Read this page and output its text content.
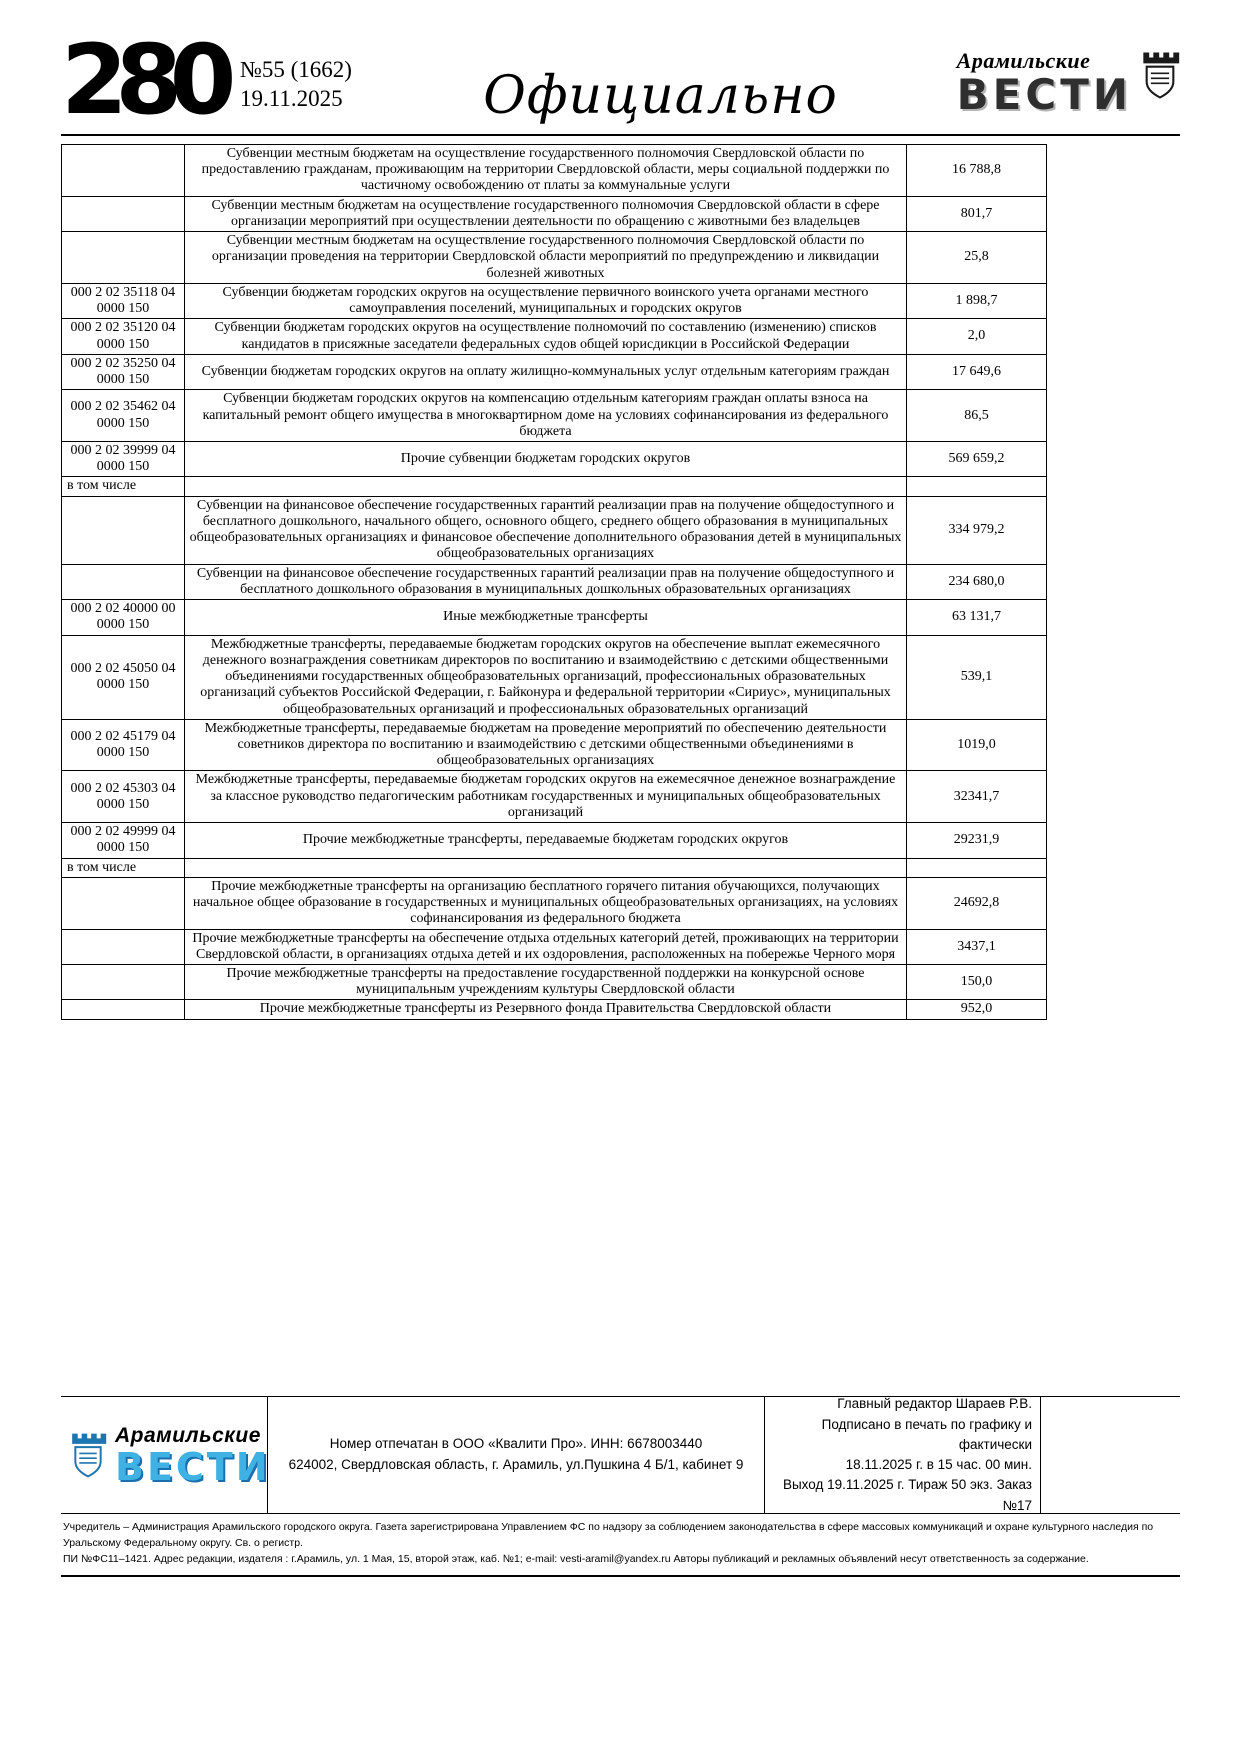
280 №55 (1662)
19.11.2025	Официально
Арамильские
ВЕСТИ
	Субвенции местным бюджетам на осуществление государственного полномочия Свердловской области по предоставлению гражданам, проживающим на территории Свердловской области, меры социальной поддержки по частичному освобождению от платы за коммунальные услуги	16 788,8
	Субвенции местным бюджетам на осуществление государственного полномочия Свердловской области в сфере организации мероприятий при осуществлении деятельности по обращению с животными без владельцев	801,7
	Субвенции местным бюджетам на осуществление государственного полномочия Свердловской области по организации проведения на территории Свердловской области мероприятий по предупреждению и ликвидации болезней животных	25,8
000 2 02 35118 04 0000 150	Субвенции бюджетам городских округов на осуществление первичного воинского учета органами местного самоуправления поселений, муниципальных и городских округов	1 898,7
000 2 02 35120 04 0000 150	Субвенции бюджетам городских округов на осуществление полномочий по составлению (изменению) списков кандидатов в присяжные заседатели федеральных судов общей юрисдикции в Российской Федерации	2,0
000 2 02 35250 04 0000 150	Субвенции бюджетам городских округов на оплату жилищно-коммунальных услуг отдельным категориям граждан	17 649,6
000 2 02 35462 04 0000 150	Субвенции бюджетам городских округов на компенсацию отдельным категориям граждан оплаты взноса на капитальный ремонт общего имущества в многоквартирном доме на условиях софинансирования из федерального бюджета	86,5
000 2 02 39999 04 0000 150	Прочие субвенции бюджетам городских округов	569 659,2
в том числе		
	Субвенции на финансовое обеспечение государственных гарантий реализации прав на получение общедоступного и бесплатного дошкольного, начального общего, основного общего, среднего общего образования в муниципальных общеобразовательных организациях и финансовое обеспечение дополнительного образования детей в муниципальных общеобразовательных организациях	334 979,2
	Субвенции на финансовое обеспечение государственных гарантий реализации прав на получение общедоступного и бесплатного дошкольного образования в муниципальных дошкольных образовательных организациях	234 680,0
000 2 02 40000 00 0000 150	Иные межбюджетные трансферты	63 131,7
000 2 02 45050 04 0000 150	Межбюджетные трансферты, передаваемые бюджетам городских округов на обеспечение выплат ежемесячного денежного вознаграждения советникам директоров по воспитанию и взаимодействию с детскими общественными объединениями государственных общеобразовательных организаций, профессиональных образовательных организаций субъектов Российской Федерации, г. Байконура и федеральной территории «Сириус», муниципальных общеобразовательных организаций и профессиональных образовательных организаций	539,1
000 2 02 45179 04 0000 150	Межбюджетные трансферты, передаваемые бюджетам на проведение мероприятий по обеспечению деятельности советников директора по воспитанию и взаимодействию с детскими общественными объединениями в общеобразовательных организациях	1019,0
000 2 02 45303 04 0000 150	Межбюджетные трансферты, передаваемые бюджетам городских округов на ежемесячное денежное вознаграждение за классное руководство педагогическим работникам государственных и муниципальных общеобразовательных организаций	32341,7
000 2 02 49999 04 0000 150	Прочие межбюджетные трансферты, передаваемые бюджетам городских округов	29231,9
в том числе		
	Прочие межбюджетные трансферты на организацию бесплатного горячего питания обучающихся, получающих начальное общее образование в государственных и муниципальных общеобразовательных организациях, на условиях софинансирования из федерального бюджета	24692,8
	Прочие межбюджетные трансферты на обеспечение отдыха отдельных категорий детей, проживающих на территории Свердловской области, в организациях отдыха детей и их оздоровления, расположенных на побережье Черного моря	3437,1
	Прочие межбюджетные трансферты на предоставление государственной поддержки на конкурсной основе муниципальным учреждениям культуры Свердловской области	150,0
	Прочие межбюджетные трансферты из Резервного фонда Правительства Свердловской области	952,0
Арамильские
ВЕСТИ
Номер отпечатан в ООО «Квалити Про». ИНН: 6678003440
624002, Свердловская область, г. Арамиль, ул.Пушкина 4 Б/1, кабинет 9
Главный редактор Шараев Р.В.
Подписано в печать по графику и фактически
18.11.2025 г. в 15 час. 00 мин.
Выход 19.11.2025 г. Тираж 50 экз. Заказ №17
Учредитель – Администрация Арамильского городского округа. Газета зарегистрирована Управлением ФС по надзору за соблюдением законодательства в сфере массовых коммуникаций и охране культурного наследия по Уральскому Федеральному округу. Св. о регистр.
ПИ №ФС11–1421. Адрес редакции, издателя : г.Арамиль, ул. 1 Мая, 15, второй этаж, каб. №1; e-mail: vesti-aramil@yandex.ru Авторы публикаций и рекламных объявлений несут ответственность за содержание.
